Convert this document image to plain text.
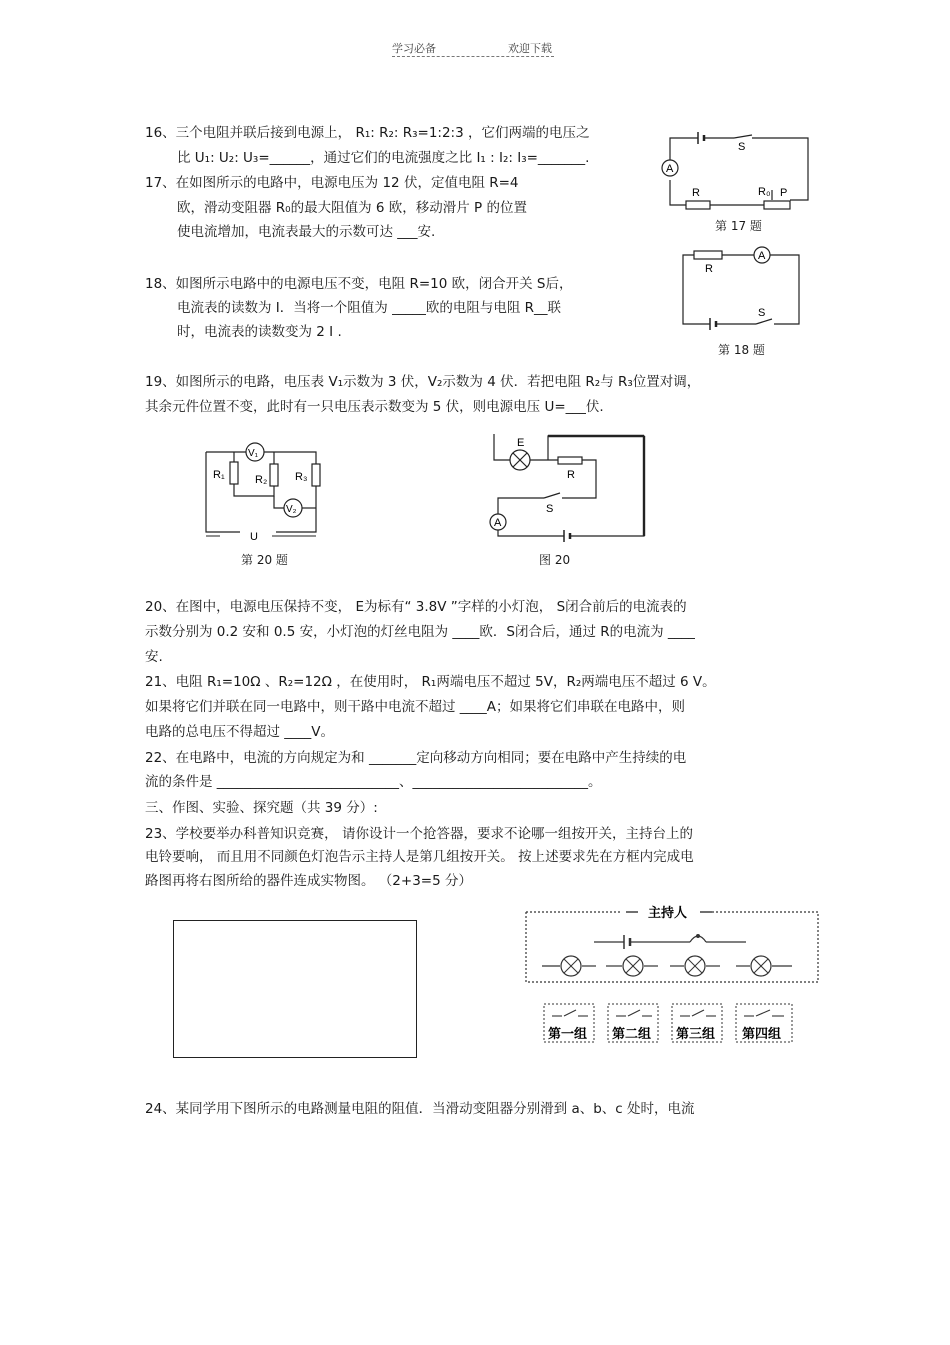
学习必备	欢迎下载
16、三个电阻并联后接到电源上， R₁: R₂: R₃=1:2:3 ，它们两端的电压之
比 U₁: U₂: U₃=______，通过它们的电流强度之比 I₁ : I₂: I₃=_______.
17、在如图所示的电路中，电源电压为 12 伏，定值电阻 R=4
欧，滑动变阻器 R₀的最大阻值为 6 欧，移动滑片 P 的位置
使电流增加，电流表最大的示数可达 ___安.
A
S
R	R₀ P
第 17 题
18、如图所示电路中的电源电压不变，电阻 R=10 欧，闭合开关 S后，
电流表的读数为 I．当将一个阻值为 _____欧的电阻与电阻 R__联
时，电流表的读数变为 2 I .
A
R
S
第 18 题
19、如图所示的电路，电压表 V₁示数为 3 伏，V₂示数为 4 伏．若把电阻 R₂与 R₃位置对调，
其余元件位置不变，此时有一只电压表示数变为 5 伏，则电源电压 U=___伏.
V₁
V₂
R₁	R₂	R₃
U
第 20 题
A
E
R
S
图 20
20、在图中，电源电压保持不变， E为标有“ 3.8V ”字样的小灯泡， S闭合前后的电流表的
示数分别为 0.2 安和 0.5 安，小灯泡的灯丝电阻为 ____欧．S闭合后，通过 R的电流为 ____
安.
21、电阻 R₁=10Ω 、R₂=12Ω ，在使用时， R₁两端电压不超过 5V，R₂两端电压不超过 6 V。
如果将它们并联在同一电路中，则干路中电流不超过 ____A；如果将它们串联在电路中，则
电路的总电压不得超过 ____V。
22、在电路中，电流的方向规定为和 _______定向移动方向相同；要在电路中产生持续的电
流的条件是 ___________________________、__________________________。
三、作图、实验、探究题（共 39 分）:
23、学校要举办科普知识竞赛， 请你设计一个抢答器，要求不论哪一组按开关，主持台上的
电铃要响， 而且用不同颜色灯泡告示主持人是第几组按开关。 按上述要求先在方框内完成电
路图再将右图所给的器件连成实物图。 （2+3=5 分）
主持人
第一组 第二组 第三组 第四组
24、某同学用下图所示的电路测量电阻的阻值．当滑动变阻器分别滑到 a、b、c 处时，电流
